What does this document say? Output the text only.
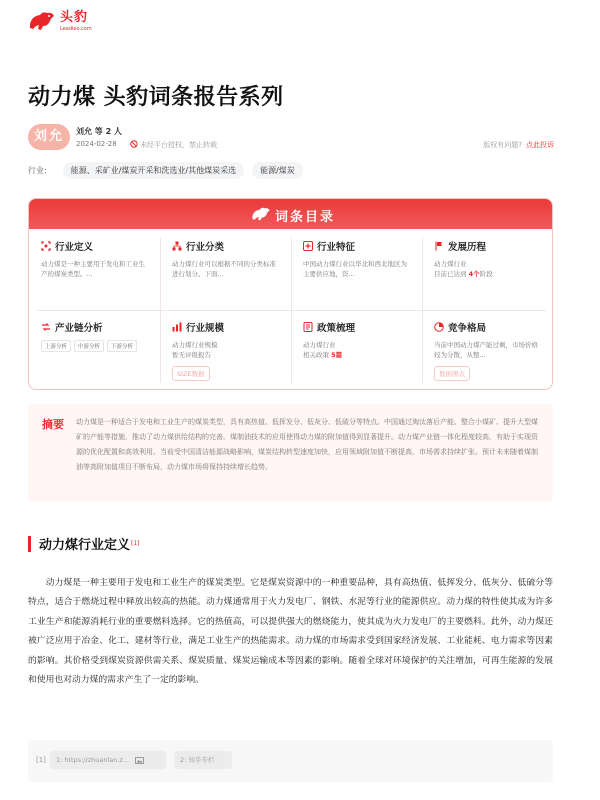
头豹
Leadleo.com
动力煤 头豹词条报告系列
刘允	刘允 等 2 人
2024-02-28	未经平台授权，禁止转载	版权有问题? 点此投诉
行业:	能源、采矿业/煤炭开采和洗选业/其他煤炭采选	能源/煤炭
词条目录
行业定义
动力煤是一种主要用于发电和工业生产的煤炭类型。...
行业分类
动力煤行业可以根据不同的分类标准进行划分。下面...
行业特征
中国动力煤行业以华北和西北地区为主要供应地，资...
发展历程
动力煤行业
目前已达到 4个阶段
产业链分析
上游分析	中游分析	下游分析
行业规模
动力煤行业规模
暂无评级报告
SIZE数据
政策梳理
动力煤行业
相关政策 5篇
竞争格局
当前中国动力煤产能过剩，市场价格较为分散，从整...
数据图表
摘要 动力煤是一种适合于发电和工业生产的煤炭类型，具有高热值、低挥发分、低灰分、低硫分等特点。中国通过淘汰落后产能、整合小煤矿、提升大型煤矿的产能等措施，推动了动力煤供给结构的完善。煤制油技术的应用使得动力煤的附加值得到显著提升。动力煤产业链一体化程度较高，有助于实现资源的优化配置和高效利用。当前受中国清洁能源战略影响，煤炭结构转型速度加快，应用领域附加值不断提高，市场需求持续扩张。预计未来随着煤制油等高附加值项目不断布局，动力煤市场将保持持续增长趋势。
动力煤行业定义 [1]
动力煤是一种主要用于发电和工业生产的煤炭类型。它是煤炭资源中的一种重要品种，具有高热值、低挥发分、低灰分、低硫分等特点，适合于燃烧过程中释放出较高的热能。动力煤通常用于火力发电厂、钢铁、水泥等行业的能源供应。动力煤的特性使其成为许多工业生产和能源消耗行业的重要燃料选择。它的热值高，可以提供强大的燃烧能力，使其成为火力发电厂的主要燃料。此外，动力煤还被广泛应用于冶金、化工、建材等行业，满足工业生产的热能需求。动力煤的市场需求受到国家经济发展、工业能耗、电力需求等因素的影响。其价格受到煤炭资源供需关系、煤炭质量、煤炭运输成本等因素的影响。随着全球对环境保护的关注增加，可再生能源的发展和使用也对动力煤的需求产生了一定的影响。
[1] 1: https://zhuanlan.z...	2: 知乎专栏
